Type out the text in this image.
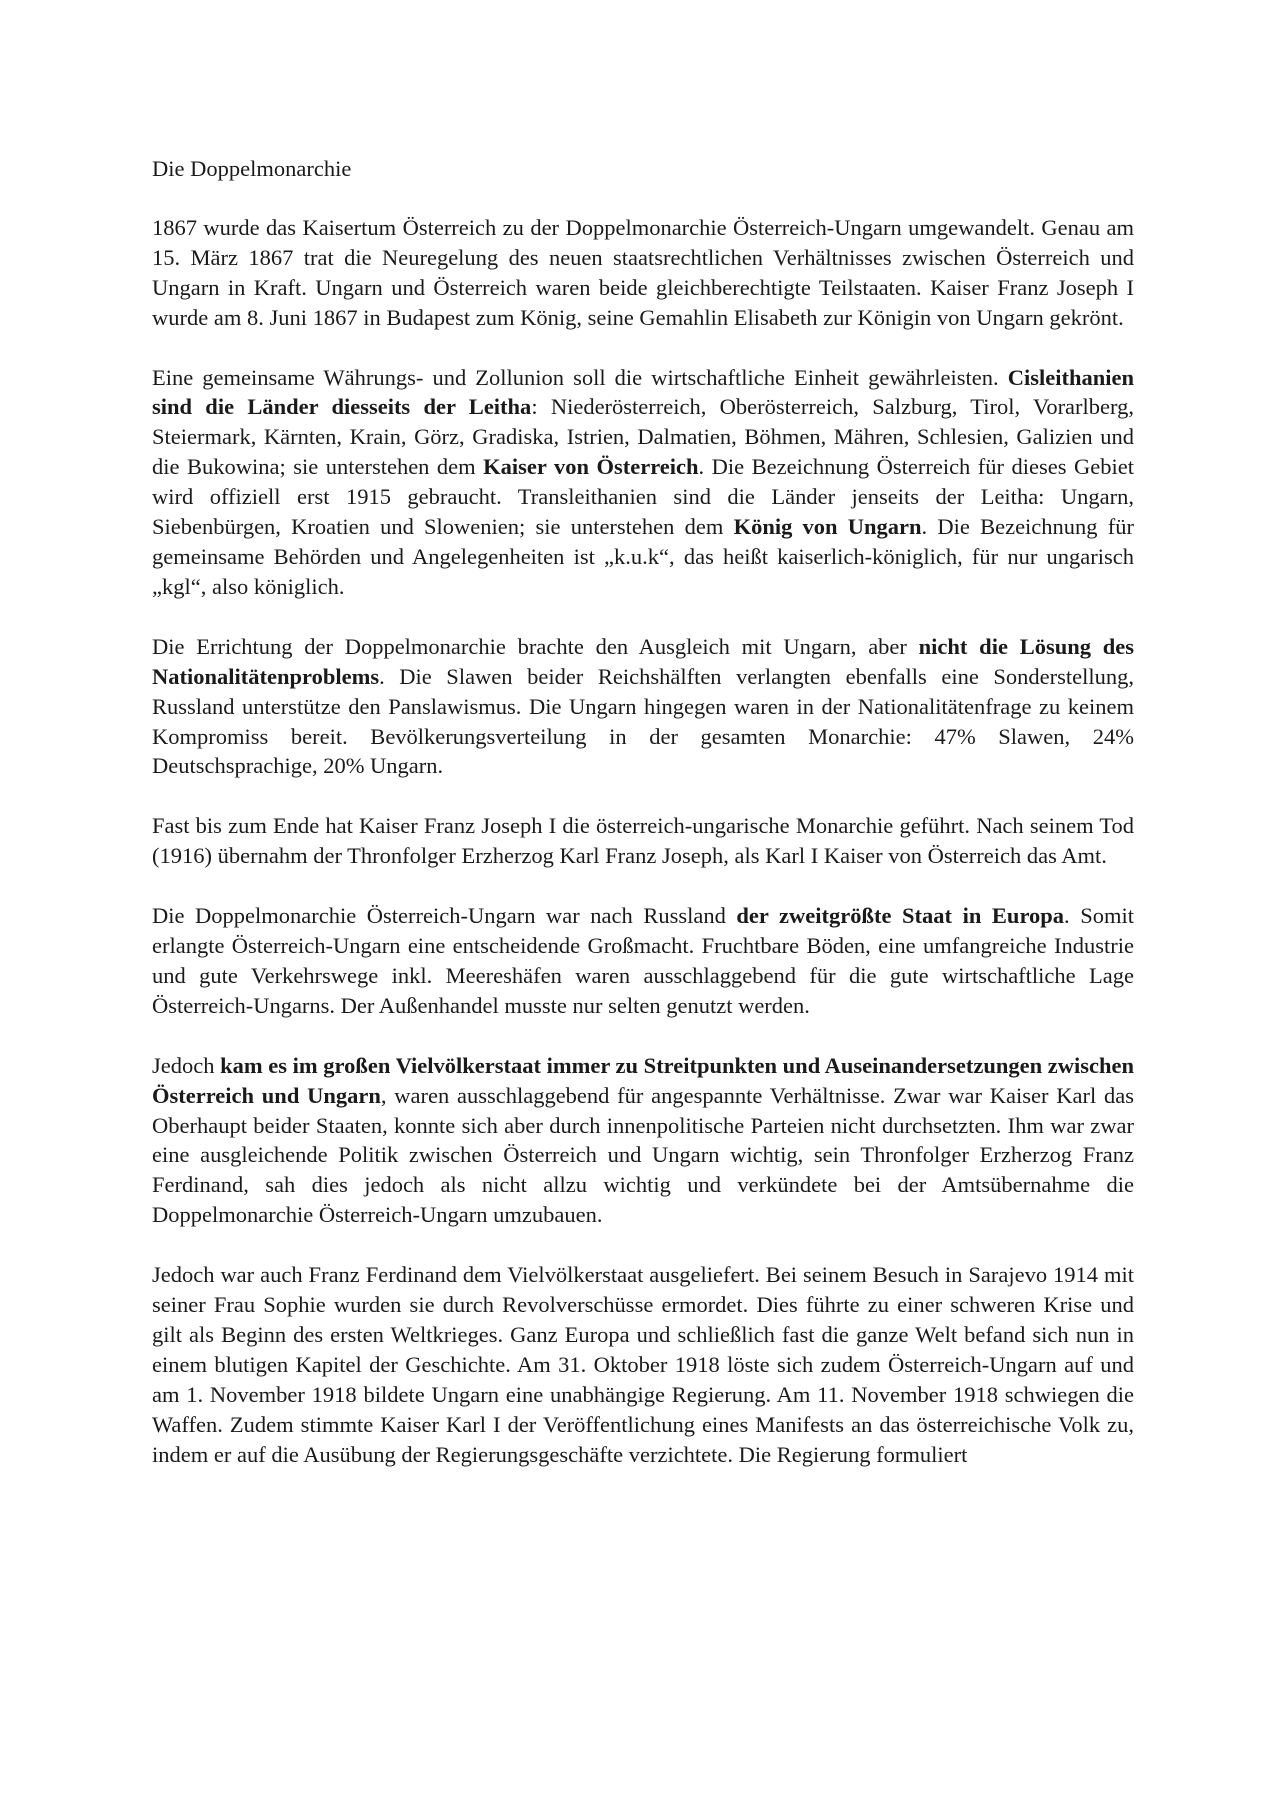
Die Doppelmonarchie

1867 wurde das Kaisertum Österreich zu der Doppelmonarchie Österreich-Ungarn umgewandelt. Genau am 15. März 1867 trat die Neuregelung des neuen staatsrechtlichen Verhältnisses zwischen Österreich und Ungarn in Kraft. Ungarn und Österreich waren beide gleichberechtigte Teilstaaten. Kaiser Franz Joseph I wurde am 8. Juni 1867 in Budapest zum König, seine Gemahlin Elisabeth zur Königin von Ungarn gekrönt.

Eine gemeinsame Währungs- und Zollunion soll die wirtschaftliche Einheit gewährleisten. Cisleithanien sind die Länder diesseits der Leitha: Niederösterreich, Oberösterreich, Salzburg, Tirol, Vorarlberg, Steiermark, Kärnten, Krain, Görz, Gradiska, Istrien, Dalmatien, Böhmen, Mähren, Schlesien, Galizien und die Bukowina; sie unterstehen dem Kaiser von Österreich. Die Bezeichnung Österreich für dieses Gebiet wird offiziell erst 1915 gebraucht. Transleithanien sind die Länder jenseits der Leitha: Ungarn, Siebenbürgen, Kroatien und Slowenien; sie unterstehen dem König von Ungarn. Die Bezeichnung für gemeinsame Behörden und Angelegenheiten ist „k.u.k“, das heißt kaiserlich-königlich, für nur ungarisch „kgl“, also königlich.

Die Errichtung der Doppelmonarchie brachte den Ausgleich mit Ungarn, aber nicht die Lösung des Nationalitätenproblems. Die Slawen beider Reichshälften verlangten ebenfalls eine Sonderstellung, Russland unterstütze den Panslawismus. Die Ungarn hingegen waren in der Nationalitätenfrage zu keinem Kompromiss bereit. Bevölkerungsverteilung in der gesamten Monarchie: 47% Slawen, 24% Deutschsprachige, 20% Ungarn.

Fast bis zum Ende hat Kaiser Franz Joseph I die österreich-ungarische Monarchie geführt. Nach seinem Tod (1916) übernahm der Thronfolger Erzherzog Karl Franz Joseph, als Karl I Kaiser von Österreich das Amt.

Die Doppelmonarchie Österreich-Ungarn war nach Russland der zweitgrößte Staat in Europa. Somit erlangte Österreich-Ungarn eine entscheidende Großmacht. Fruchtbare Böden, eine umfangreiche Industrie und gute Verkehrswege inkl. Meereshäfen waren ausschlaggebend für die gute wirtschaftliche Lage Österreich-Ungarns. Der Außenhandel musste nur selten genutzt werden.

Jedoch kam es im großen Vielvölkerstaat immer zu Streitpunkten und Auseinandersetzungen zwischen Österreich und Ungarn, waren ausschlaggebend für angespannte Verhältnisse. Zwar war Kaiser Karl das Oberhaupt beider Staaten, konnte sich aber durch innenpolitische Parteien nicht durchsetzten. Ihm war zwar eine ausgleichende Politik zwischen Österreich und Ungarn wichtig, sein Thronfolger Erzherzog Franz Ferdinand, sah dies jedoch als nicht allzu wichtig und verkündete bei der Amtsübernahme die Doppelmonarchie Österreich-Ungarn umzubauen.

Jedoch war auch Franz Ferdinand dem Vielvölkerstaat ausgeliefert. Bei seinem Besuch in Sarajevo 1914 mit seiner Frau Sophie wurden sie durch Revolverschüsse ermordet. Dies führte zu einer schweren Krise und gilt als Beginn des ersten Weltkrieges. Ganz Europa und schließlich fast die ganze Welt befand sich nun in einem blutigen Kapitel der Geschichte. Am 31. Oktober 1918 löste sich zudem Österreich-Ungarn auf und am 1. November 1918 bildete Ungarn eine unabhängige Regierung. Am 11. November 1918 schwiegen die Waffen. Zudem stimmte Kaiser Karl I der Veröffentlichung eines Manifests an das österreichische Volk zu, indem er auf die Ausübung der Regierungsgeschäfte verzichtete. Die Regierung formuliert
